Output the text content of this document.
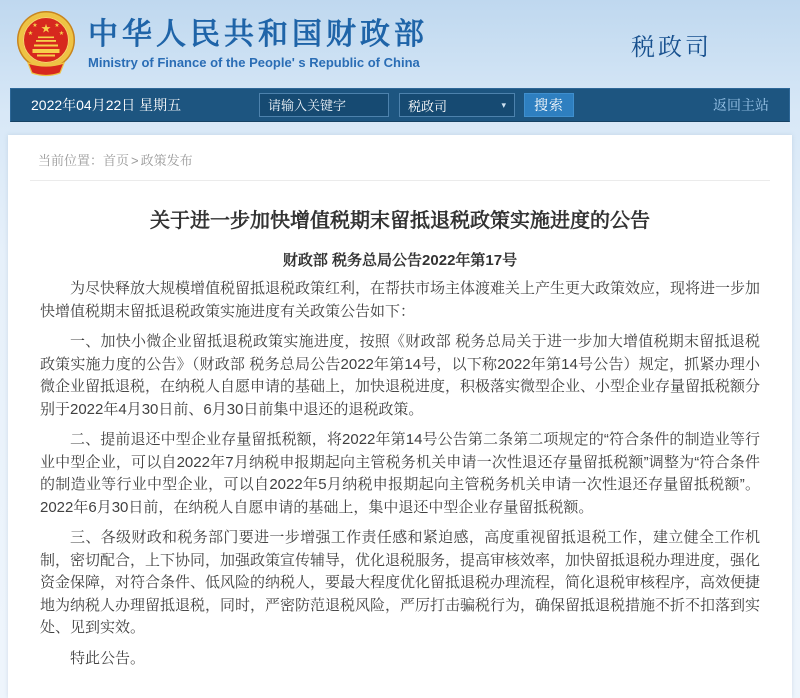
★
★	★
★	★ 中华人民共和国财政部
Ministry of Finance of the People' s Republic of China
税政司
2022年04月22日 星期五
请输入关键字	税政司	▾	搜索	返回主站
当前位置：首页 > 政策发布
关于进一步加快增值税期末留抵退税政策实施进度的公告
财政部 税务总局公告2022年第17号

为尽快释放大规模增值税留抵退税政策红利，在帮扶市场主体渡难关上产生更大政策效应，现将进一步加快增值税期末留抵退税政策实施进度有关政策公告如下：

一、加快小微企业留抵退税政策实施进度，按照《财政部 税务总局关于进一步加大增值税期末留抵退税政策实施力度的公告》（财政部 税务总局公告2022年第14号，以下称2022年第14号公告）规定，抓紧办理小微企业留抵退税，在纳税人自愿申请的基础上，加快退税进度，积极落实微型企业、小型企业存量留抵税额分别于2022年4月30日前、6月30日前集中退还的退税政策。

二、提前退还中型企业存量留抵税额，将2022年第14号公告第二条第二项规定的“符合条件的制造业等行业中型企业，可以自2022年7月纳税申报期起向主管税务机关申请一次性退还存量留抵税额”调整为“符合条件的制造业等行业中型企业，可以自2022年5月纳税申报期起向主管税务机关申请一次性退还存量留抵税额”。2022年6月30日前，在纳税人自愿申请的基础上，集中退还中型企业存量留抵税额。

三、各级财政和税务部门要进一步增强工作责任感和紧迫感，高度重视留抵退税工作，建立健全工作机制，密切配合，上下协同，加强政策宣传辅导，优化退税服务，提高审核效率，加快留抵退税办理进度，强化资金保障，对符合条件、低风险的纳税人，要最大程度优化留抵退税办理流程，简化退税审核程序，高效便捷地为纳税人办理留抵退税，同时，严密防范退税风险，严厉打击骗税行为，确保留抵退税措施不折不扣落到实处、见到实效。

特此公告。
